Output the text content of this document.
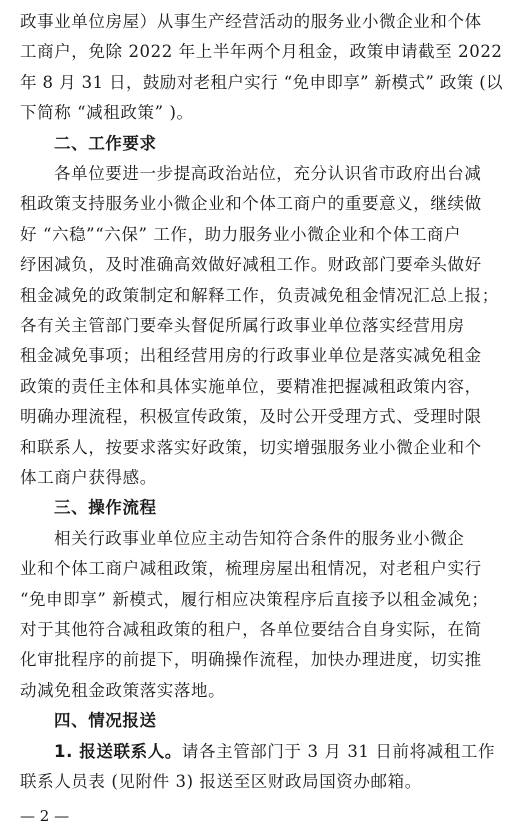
政事业单位房屋）从事生产经营活动的服务业小微企业和个体
工商户，免除 2022 年上半年两个月租金，政策申请截至 2022
年 8 月 31 日，鼓励对老租户实行 “免申即享” 新模式” 政策 (以
下简称 “减租政策” )。
二、工作要求
各单位要进一步提高政治站位，充分认识省市政府出台减
租政策支持服务业小微企业和个体工商户的重要意义，继续做
好 “六稳”“六保” 工作，助力服务业小微企业和个体工商户
纾困减负，及时准确高效做好减租工作。财政部门要牵头做好
租金减免的政策制定和解释工作，负责减免租金情况汇总上报；
各有关主管部门要牵头督促所属行政事业单位落实经营用房
租金减免事项；出租经营用房的行政事业单位是落实减免租金
政策的责任主体和具体实施单位，要精准把握减租政策内容，
明确办理流程，积极宣传政策，及时公开受理方式、受理时限
和联系人，按要求落实好政策，切实增强服务业小微企业和个
体工商户获得感。
三、操作流程
相关行政事业单位应主动告知符合条件的服务业小微企
业和个体工商户减租政策，梳理房屋出租情况，对老租户实行
“免申即享” 新模式，履行相应决策程序后直接予以租金减免；
对于其他符合减租政策的租户，各单位要结合自身实际，在简
化审批程序的前提下，明确操作流程，加快办理进度，切实推
动减免租金政策落实落地。
四、情况报送
1. 报送联系人。请各主管部门于 3 月 31 日前将减租工作
联系人员表 (见附件 3) 报送至区财政局国资办邮箱。
— 2 —
